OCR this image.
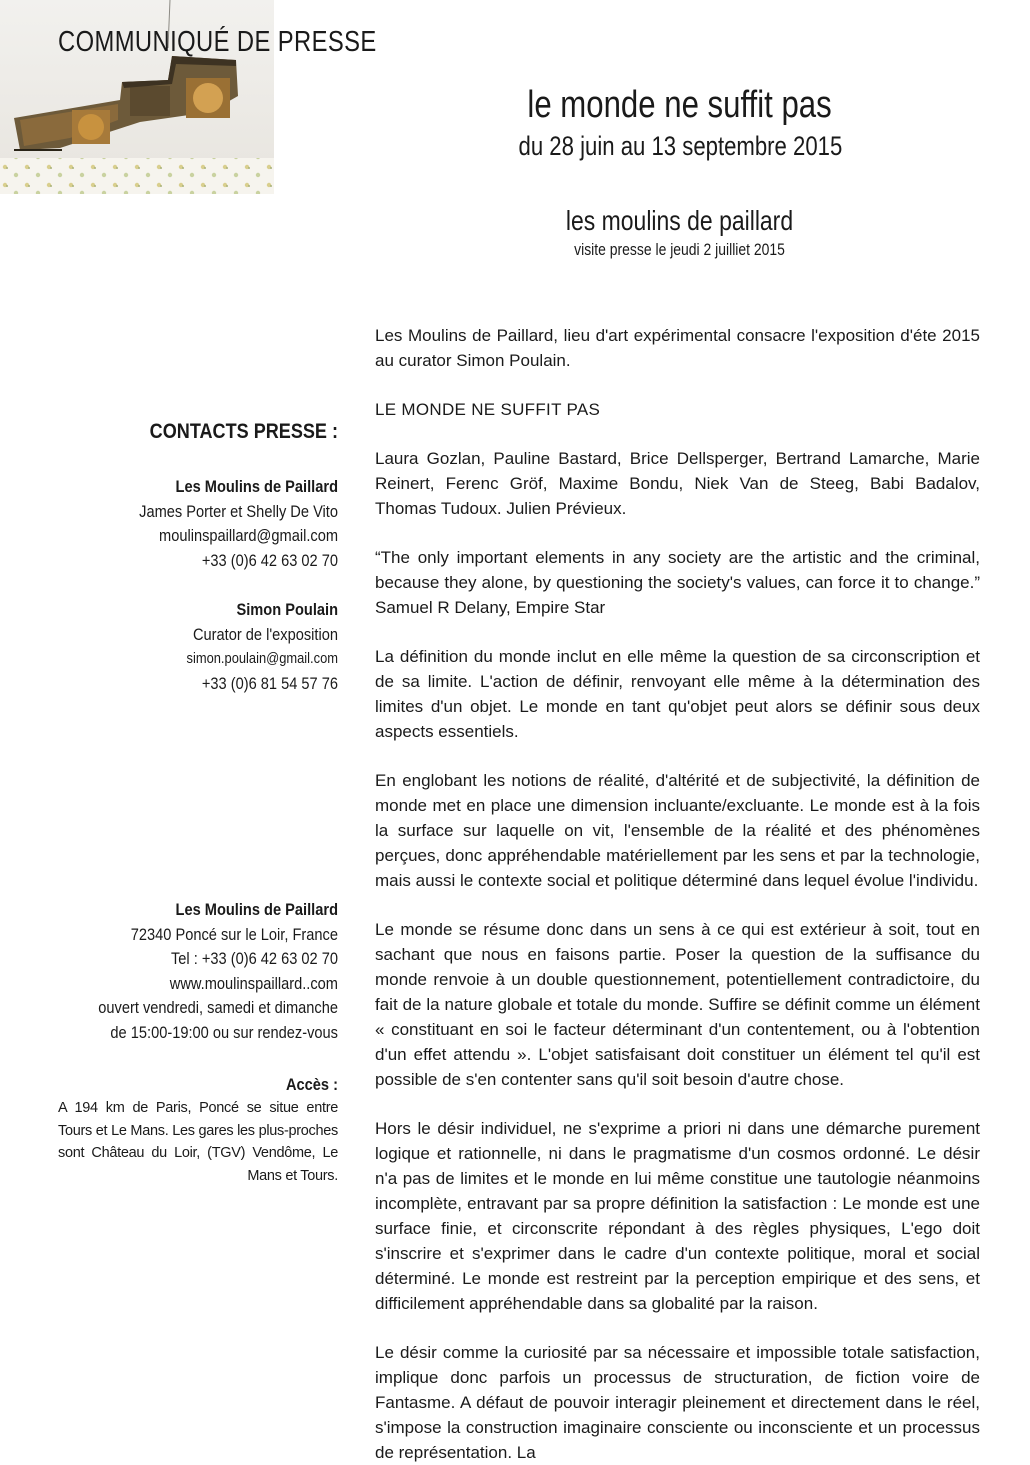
COMMUNIQUÉ DE PRESSE
le monde ne suffit pas
du 28 juin au 13 septembre 2015
les moulins de paillard
visite presse le jeudi 2 juilliet 2015
CONTACTS PRESSE :
Les Moulins de Paillard
James Porter et Shelly De Vito
moulinspaillard@gmail.com
+33 (0)6 42 63 02 70
Simon Poulain
Curator de l'exposition
simon.poulain@gmail.com
+33 (0)6 81 54 57 76
Les Moulins de Paillard
72340 Poncé sur le Loir, France
Tel : +33 (0)6 42 63 02 70
www.moulinspaillard..com
ouvert vendredi, samedi et dimanche
de 15:00-19:00 ou sur rendez-vous
Accès :
A 194 km de Paris, Poncé se situe entre Tours et Le Mans. Les gares les plus-proches sont Château du Loir, (TGV) Vendôme, Le Mans et Tours.

Les Moulins de Paillard, lieu d'art expérimental consacre l'exposition d'éte 2015 au curator Simon Poulain.

LE MONDE NE SUFFIT PAS

Laura Gozlan, Pauline Bastard, Brice Dellsperger, Bertrand Lamarche, Marie Reinert, Ferenc Gröf, Maxime Bondu, Niek Van de Steeg, Babi Badalov, Thomas Tudoux. Julien Prévieux.

“The only important elements in any society are the artistic and the criminal, because they alone, by questioning the society's values, can force it to change.” Samuel R Delany, Empire Star

La définition du monde inclut en elle même la question de sa circonscription et de sa limite. L'action de définir, renvoyant elle même à la détermination des limites d'un objet. Le monde en tant qu'objet peut alors se définir sous deux aspects essentiels.

En englobant les notions de réalité, d'altérité et de subjectivité, la définition de monde met en place une dimension incluante/excluante. Le monde est à la fois la surface sur laquelle on vit, l'ensemble de la réalité et des phénomènes perçues, donc appréhendable matériellement par les sens et par la technologie, mais aussi le contexte social et politique déterminé dans lequel évolue l'individu.

Le monde se résume donc dans un sens à ce qui est extérieur à soit, tout en sachant que nous en faisons partie. Poser la question de la suffisance du monde renvoie à un double questionnement, potentiellement contradictoire, du fait de la nature globale et totale du monde. Suffire se définit comme un élément « constituant en soi le facteur déterminant d'un contentement, ou à l'obtention d'un effet attendu ». L'objet satisfaisant doit constituer un élément tel qu'il est possible de s'en contenter sans qu'il soit besoin d'autre chose.

Hors le désir individuel, ne s'exprime a priori ni dans une démarche purement logique et rationnelle, ni dans le pragmatisme d'un cosmos ordonné. Le désir n'a pas de limites et le monde en lui même constitue une tautologie néanmoins incomplète, entravant par sa propre définition la satisfaction : Le monde est une surface finie, et circonscrite répondant à des règles physiques, L'ego doit s'inscrire et s'exprimer dans le cadre d'un contexte politique, moral et social déterminé. Le monde est restreint par la perception empirique et des sens, et difficilement appréhendable dans sa globalité par la raison.

Le désir comme la curiosité par sa nécessaire et impossible totale satisfaction, implique donc parfois un processus de structuration, de fiction voire de Fantasme. A défaut de pouvoir interagir pleinement et directement dans le réel, s'impose la construction imaginaire consciente ou inconsciente et un processus de représentation. La
